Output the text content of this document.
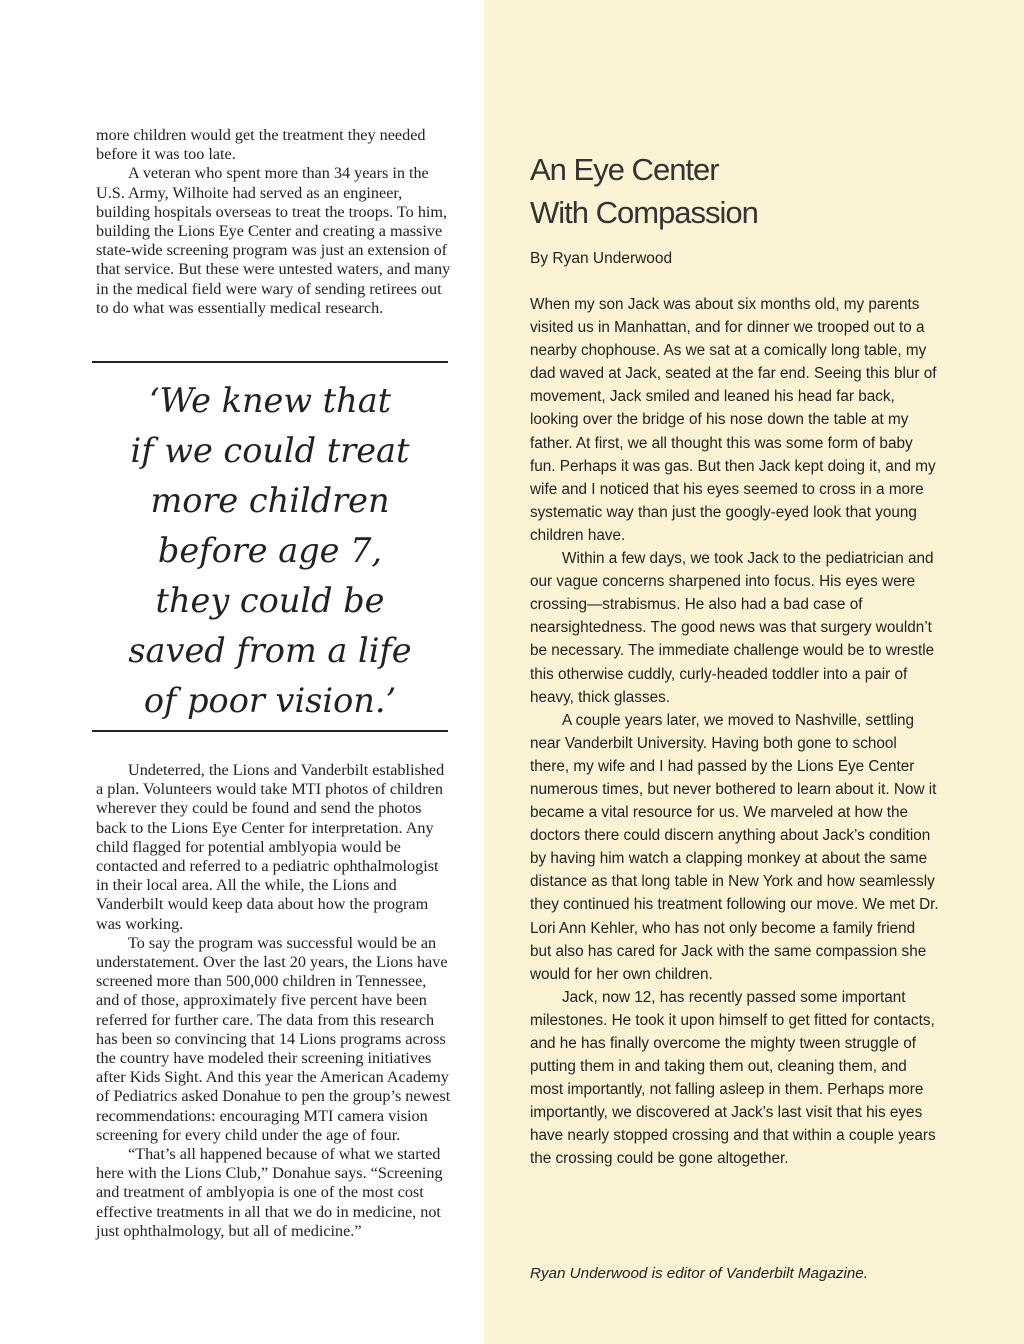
more children would get the treatment they needed before it was too late.

A veteran who spent more than 34 years in the U.S. Army, Wilhoite had served as an engineer, building hospitals overseas to treat the troops. To him, building the Lions Eye Center and creating a massive state-wide screening program was just an extension of that service. But these were untested waters, and many in the medical field were wary of sending retirees out to do what was essentially medical research.

‘We knew that
if we could treat
more children
before age 7,
they could be
saved from a life
of poor vision.’

Undeterred, the Lions and Vanderbilt established a plan. Volunteers would take MTI photos of children wherever they could be found and send the photos back to the Lions Eye Center for interpretation. Any child flagged for potential amblyopia would be contacted and referred to a pediatric ophthalmologist in their local area. All the while, the Lions and Vanderbilt would keep data about how the program was working.

To say the program was successful would be an understatement. Over the last 20 years, the Lions have screened more than 500,000 children in Tennessee, and of those, approximately five percent have been referred for further care. The data from this research has been so convincing that 14 Lions programs across the country have modeled their screening initiatives after Kids Sight. And this year the American Academy of Pediatrics asked Donahue to pen the group’s newest recommendations: encouraging MTI camera vision screening for every child under the age of four.

“That’s all happened because of what we started here with the Lions Club,” Donahue says. “Screening and treatment of amblyopia is one of the most cost effective treatments in all that we do in medicine, not just ophthalmology, but all of medicine.”

An Eye Center
With Compassion

By Ryan Underwood

When my son Jack was about six months old, my parents visited us in Manhattan, and for dinner we trooped out to a nearby chophouse. As we sat at a comically long table, my dad waved at Jack, seated at the far end. Seeing this blur of movement, Jack smiled and leaned his head far back, looking over the bridge of his nose down the table at my father. At first, we all thought this was some form of baby fun. Perhaps it was gas. But then Jack kept doing it, and my wife and I noticed that his eyes seemed to cross in a more systematic way than just the googly-eyed look that young children have.

Within a few days, we took Jack to the pediatrician and our vague concerns sharpened into focus. His eyes were crossing—strabismus. He also had a bad case of nearsightedness. The good news was that surgery wouldn’t be necessary. The immediate challenge would be to wrestle this otherwise cuddly, curly-headed toddler into a pair of heavy, thick glasses.

A couple years later, we moved to Nashville, settling near Vanderbilt University. Having both gone to school there, my wife and I had passed by the Lions Eye Center numerous times, but never bothered to learn about it. Now it became a vital resource for us. We marveled at how the doctors there could discern anything about Jack’s condition by having him watch a clapping monkey at about the same distance as that long table in New York and how seamlessly they continued his treatment following our move. We met Dr. Lori Ann Kehler, who has not only become a family friend but also has cared for Jack with the same compassion she would for her own children.

Jack, now 12, has recently passed some important milestones. He took it upon himself to get fitted for contacts, and he has finally overcome the mighty tween struggle of putting them in and taking them out, cleaning them, and most importantly, not falling asleep in them. Perhaps more importantly, we discovered at Jack’s last visit that his eyes have nearly stopped crossing and that within a couple years the crossing could be gone altogether.

Ryan Underwood is editor of Vanderbilt Magazine.
